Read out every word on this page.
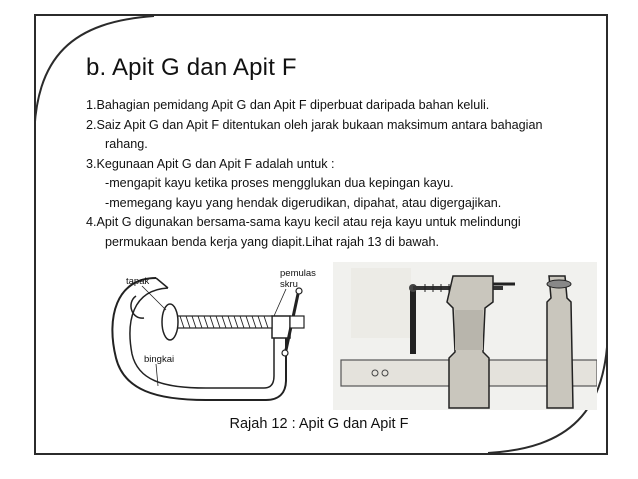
b. Apit G dan Apit F
1.Bahagian pemidang Apit G dan Apit F diperbuat daripada bahan keluli.
2.Saiz Apit G dan Apit F ditentukan oleh jarak bukaan maksimum antara bahagian
rahang.
3.Kegunaan Apit G dan Apit F adalah untuk :
-mengapit kayu ketika proses mengglukan dua kepingan kayu.
-memegang kayu yang hendak digerudikan, dipahat, atau digergajikan.
4.Apit G digunakan bersama-sama kayu kecil atau reja kayu untuk melindungi
permukaan benda kerja yang diapit.Lihat rajah 13 di bawah.
tapak
pemulas
skru
bingkai
Rajah 12 : Apit G dan Apit F
